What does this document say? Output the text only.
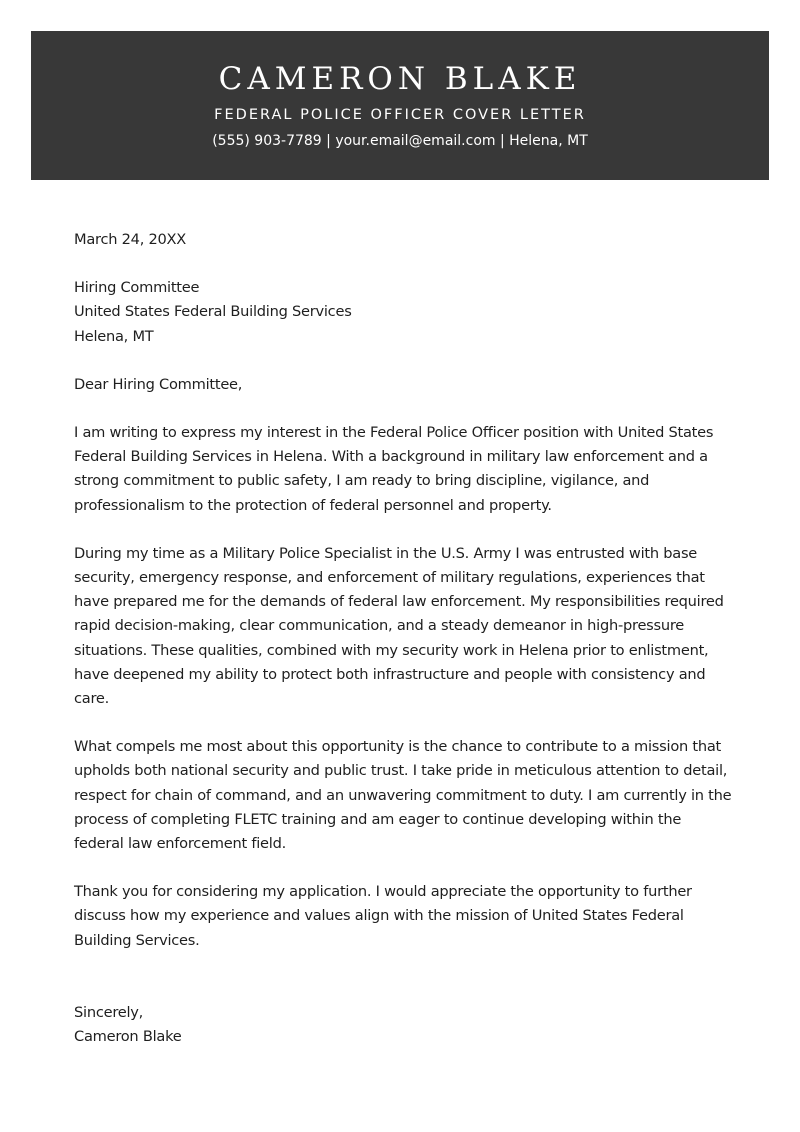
CAMERON BLAKE
FEDERAL POLICE OFFICER COVER LETTER
(555) 903-7789 | your.email@email.com | Helena, MT

March 24, 20XX

Hiring Committee

United States Federal Building Services

Helena, MT

Dear Hiring Committee,

I am writing to express my interest in the Federal Police Officer position with United States Federal Building Services in Helena. With a background in military law enforcement and a strong commitment to public safety, I am ready to bring discipline, vigilance, and professionalism to the protection of federal personnel and property.

During my time as a Military Police Specialist in the U.S. Army I was entrusted with base security, emergency response, and enforcement of military regulations, experiences that have prepared me for the demands of federal law enforcement. My responsibilities required rapid decision-making, clear communication, and a steady demeanor in high-pressure situations. These qualities, combined with my security work in Helena prior to enlistment, have deepened my ability to protect both infrastructure and people with consistency and care.

What compels me most about this opportunity is the chance to contribute to a mission that upholds both national security and public trust. I take pride in meticulous attention to detail, respect for chain of command, and an unwavering commitment to duty. I am currently in the process of completing FLETC training and am eager to continue developing within the federal law enforcement field.

Thank you for considering my application. I would appreciate the opportunity to further discuss how my experience and values align with the mission of United States Federal Building Services.

Sincerely,

Cameron Blake
